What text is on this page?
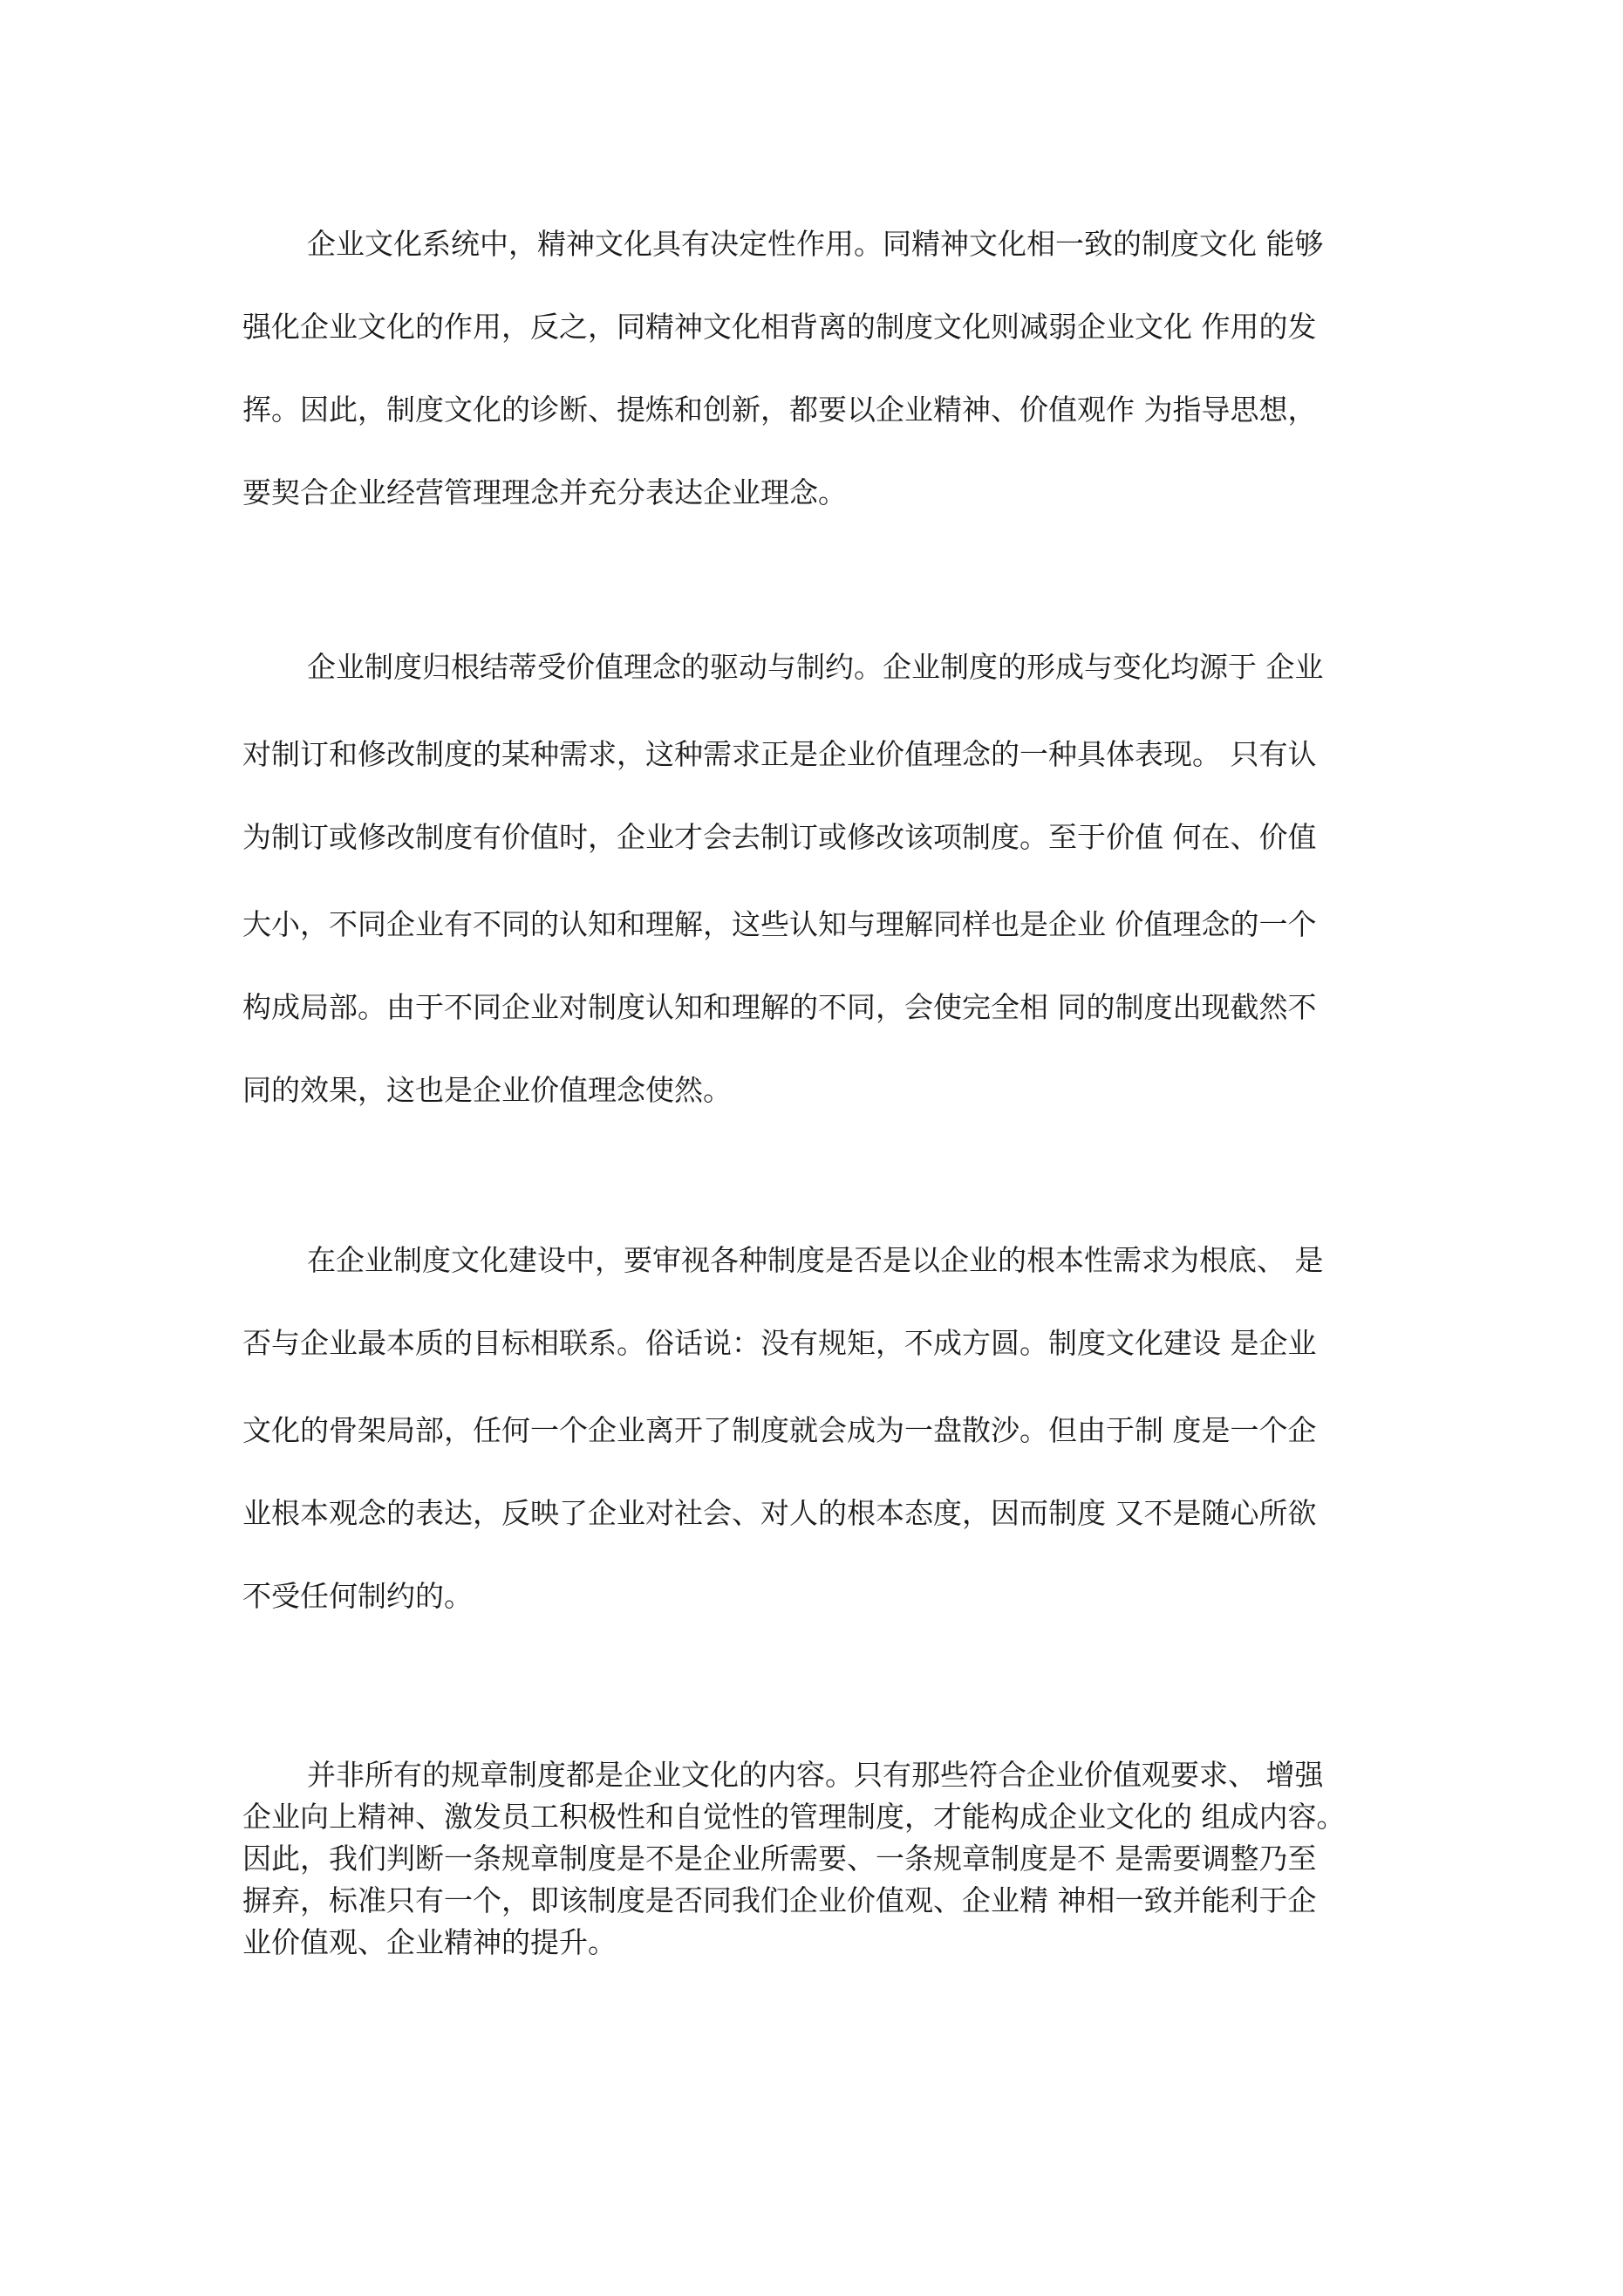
企业文化系统中，精神文化具有决定性作用。同精神文化相一致的制度文化 能够
强化企业文化的作用，反之，同精神文化相背离的制度文化则减弱企业文化 作用的发
挥。因此，制度文化的诊断、提炼和创新，都要以企业精神、价值观作 为指导思想，
要契合企业经营管理理念并充分表达企业理念。
企业制度归根结蒂受价值理念的驱动与制约。企业制度的形成与变化均源于 企业
对制订和修改制度的某种需求，这种需求正是企业价值理念的一种具体表现。 只有认
为制订或修改制度有价值时，企业才会去制订或修改该项制度。至于价值 何在、价值
大小，不同企业有不同的认知和理解，这些认知与理解同样也是企业 价值理念的一个
构成局部。由于不同企业对制度认知和理解的不同，会使完全相 同的制度出现截然不
同的效果，这也是企业价值理念使然。
在企业制度文化建设中，要审视各种制度是否是以企业的根本性需求为根底、 是
否与企业最本质的目标相联系。俗话说：没有规矩，不成方圆。制度文化建设 是企业
文化的骨架局部，任何一个企业离开了制度就会成为一盘散沙。但由于制 度是一个企
业根本观念的表达，反映了企业对社会、对人的根本态度，因而制度 又不是随心所欲
不受任何制约的。
并非所有的规章制度都是企业文化的内容。只有那些符合企业价值观要求、 增强
企业向上精神、激发员工积极性和自觉性的管理制度，才能构成企业文化的 组成内容。
因此，我们判断一条规章制度是不是企业所需要、一条规章制度是不 是需要调整乃至
摒弃，标准只有一个，即该制度是否同我们企业价值观、企业精 神相一致并能利于企
业价值观、企业精神的提升。
